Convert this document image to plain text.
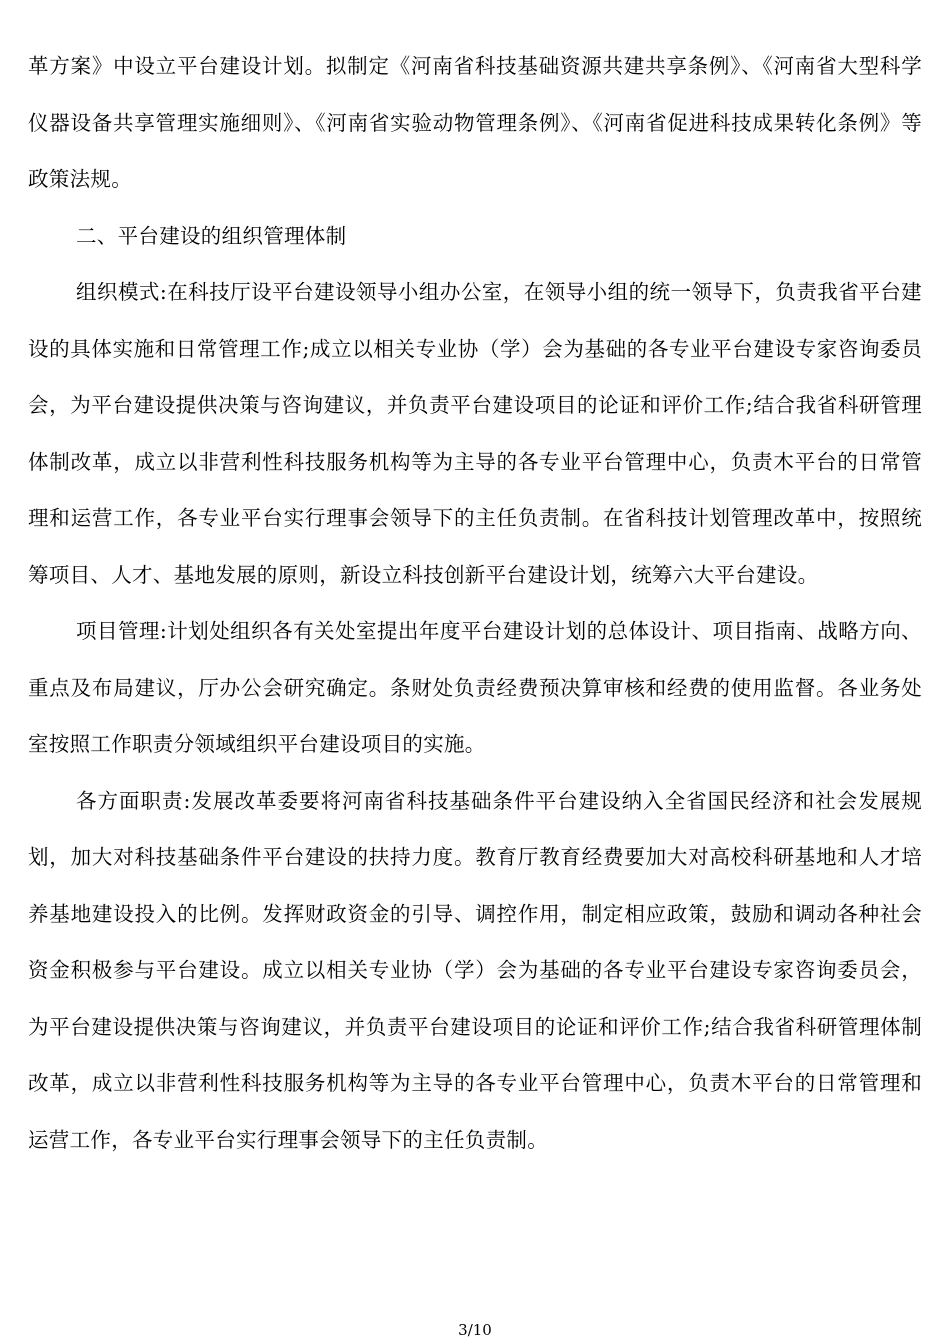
革方案》中设立平台建设计划。拟制定《河南省科技基础资源共建共享条例》、《河南省大型科学仪器设备共享管理实施细则》、《河南省实验动物管理条例》、《河南省促进科技成果转化条例》等政策法规。

二、平台建设的组织管理体制

组织模式:在科技厅设平台建设领导小组办公室，在领导小组的统一领导下，负责我省平台建设的具体实施和日常管理工作;成立以相关专业协（学）会为基础的各专业平台建设专家咨询委员会，为平台建设提供决策与咨询建议，并负责平台建设项目的论证和评价工作;结合我省科研管理体制改革，成立以非营利性科技服务机构等为主导的各专业平台管理中心，负责木平台的日常管理和运营工作，各专业平台实行理事会领导下的主任负责制。在省科技计划管理改革中，按照统筹项目、人才、基地发展的原则，新设立科技创新平台建设计划，统筹六大平台建设。

项目管理:计划处组织各有关处室提出年度平台建设计划的总体设计、项目指南、战略方向、重点及布局建议，厅办公会研究确定。条财处负责经费预决算审核和经费的使用监督。各业务处室按照工作职责分领域组织平台建设项目的实施。

各方面职责:发展改革委要将河南省科技基础条件平台建设纳入全省国民经济和社会发展规划，加大对科技基础条件平台建设的扶持力度。教育厅教育经费要加大对高校科研基地和人才培养基地建设投入的比例。发挥财政资金的引导、调控作用，制定相应政策，鼓励和调动各种社会资金积极参与平台建设。成立以相关专业协（学）会为基础的各专业平台建设专家咨询委员会，为平台建设提供决策与咨询建议，并负责平台建设项目的论证和评价工作;结合我省科研管理体制改革，成立以非营利性科技服务机构等为主导的各专业平台管理中心，负责木平台的日常管理和运营工作，各专业平台实行理事会领导下的主任负责制。

3/10
